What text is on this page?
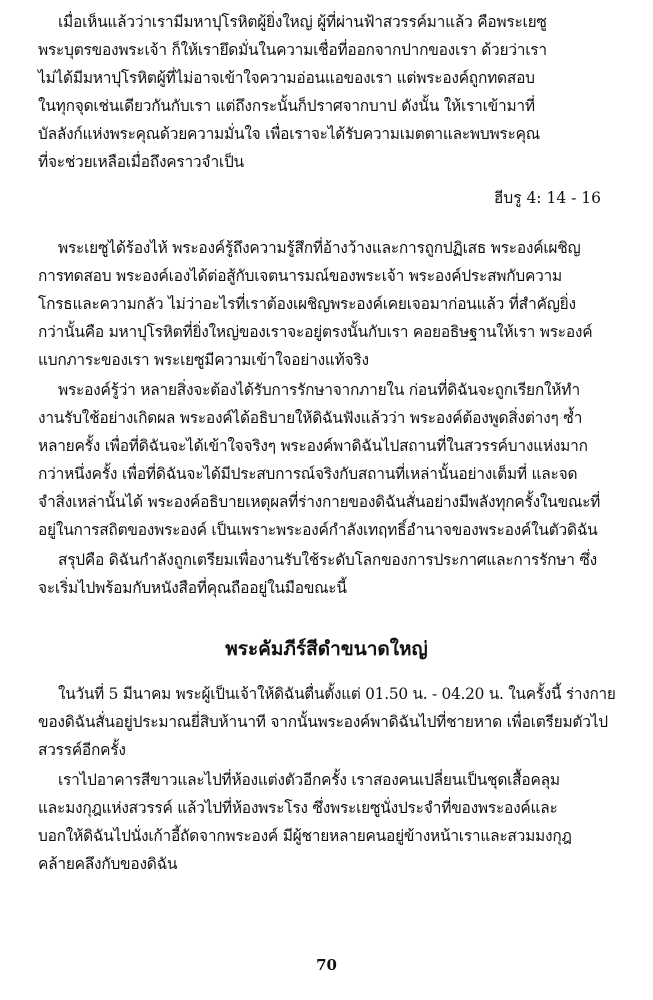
เมื่อเห็นแล้วว่าเรามีมหาปุโรหิตผู้ยิ่งใหญ่ ผู้ที่ผ่านฟ้าสวรรค์มาแล้ว คือพระเยซู
พระบุตรของพระเจ้า ก็ให้เรายึดมั่นในความเชื่อที่ออกจากปากของเรา ด้วยว่าเรา
ไม่ได้มีมหาปุโรหิตผู้ที่ไม่อาจเข้าใจความอ่อนแอของเรา แต่พระองค์ถูกทดสอบ
ในทุกจุดเช่นเดียวกันกับเรา แต่ถึงกระนั้นก็ปราศจากบาป ดังนั้น ให้เราเข้ามาที่
บัลลังก์แห่งพระคุณด้วยความมั่นใจ เพื่อเราจะได้รับความเมตตาและพบพระคุณ
ที่จะช่วยเหลือเมื่อถึงคราวจำเป็น
ฮีบรู 4: 14 - 16
พระเยซูได้ร้องไห้ พระองค์รู้ถึงความรู้สึกที่อ้างว้างและการถูกปฏิเสธ พระองค์เผชิญ
การทดสอบ พระองค์เองได้ต่อสู้กับเจตนารมณ์ของพระเจ้า พระองค์ประสพกับความ
โกรธและความกลัว ไม่ว่าอะไรที่เราต้องเผชิญพระองค์เคยเจอมาก่อนแล้ว ที่สำคัญยิ่ง
กว่านั้นคือ มหาปุโรหิตที่ยิ่งใหญ่ของเราจะอยู่ตรงนั้นกับเรา คอยอธิษฐานให้เรา พระองค์
แบกภาระของเรา พระเยซูมีความเข้าใจอย่างแท้จริง
พระองค์รู้ว่า หลายสิ่งจะต้องได้รับการรักษาจากภายใน ก่อนที่ดิฉันจะถูกเรียกให้ทำ
งานรับใช้อย่างเกิดผล พระองค์ได้อธิบายให้ดิฉันฟังแล้วว่า พระองค์ต้องพูดสิ่งต่างๆ ซ้ำ
หลายครั้ง เพื่อที่ดิฉันจะได้เข้าใจจริงๆ พระองค์พาดิฉันไปสถานที่ในสวรรค์บางแห่งมาก
กว่าหนึ่งครั้ง เพื่อที่ดิฉันจะได้มีประสบการณ์จริงกับสถานที่เหล่านั้นอย่างเต็มที่ และจด
จำสิ่งเหล่านั้นได้ พระองค์อธิบายเหตุผลที่ร่างกายของดิฉันสั่นอย่างมีพลังทุกครั้งในขณะที่
อยู่ในการสถิตของพระองค์ เป็นเพราะพระองค์กำลังเทฤทธิ์อำนาจของพระองค์ในตัวดิฉัน
สรุปคือ ดิฉันกำลังถูกเตรียมเพื่องานรับใช้ระดับโลกของการประกาศและการรักษา ซึ่ง
จะเริ่มไปพร้อมกับหนังสือที่คุณถืออยู่ในมือขณะนี้
พระคัมภีร์สีดำขนาดใหญ่
ในวันที่ 5 มีนาคม พระผู้เป็นเจ้าให้ดิฉันตื่นตั้งแต่ 01.50 น. - 04.20 น. ในครั้งนี้ ร่างกาย
ของดิฉันสั่นอยู่ประมาณยี่สิบห้านาที จากนั้นพระองค์พาดิฉันไปที่ชายหาด เพื่อเตรียมตัวไป
สวรรค์อีกครั้ง
เราไปอาคารสีขาวและไปที่ห้องแต่งตัวอีกครั้ง เราสองคนเปลี่ยนเป็นชุดเสื้อคลุม
และมงกุฎแห่งสวรรค์ แล้วไปที่ห้องพระโรง ซึ่งพระเยซูนั่งประจำที่ของพระองค์และ
บอกให้ดิฉันไปนั่งเก้าอี้ถัดจากพระองค์ มีผู้ชายหลายคนอยู่ข้างหน้าเราและสวมมงกุฎ
คล้ายคลึงกับของดิฉัน
70
